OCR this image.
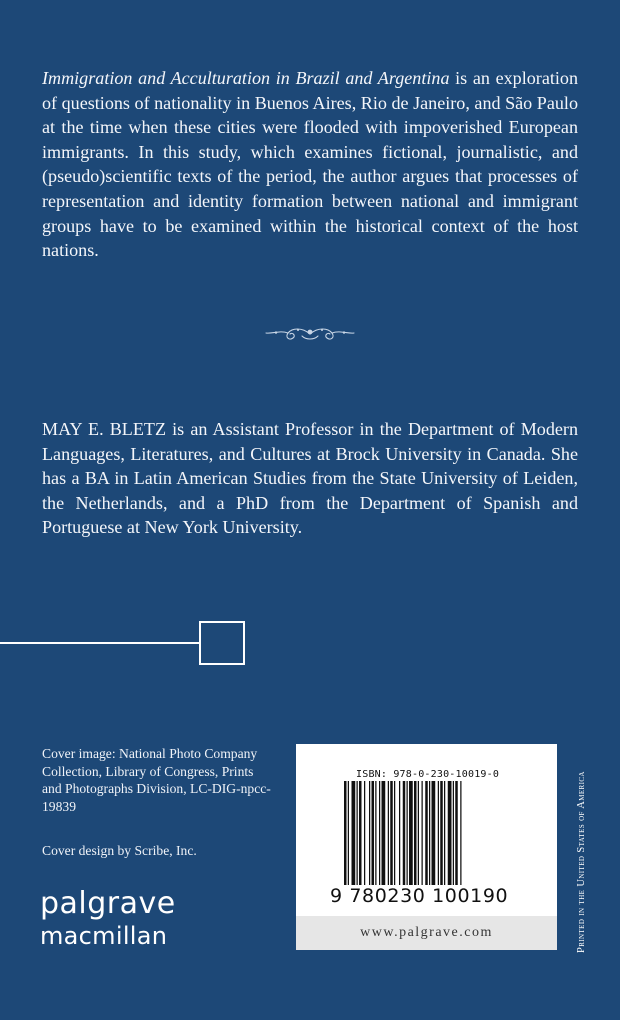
Immigration and Acculturation in Brazil and Argentina is an exploration of questions of nationality in Buenos Aires, Rio de Janeiro, and São Paulo at the time when these cities were flooded with impoverished European immigrants. In this study, which examines fictional, journalistic, and (pseudo)scientific texts of the period, the author argues that processes of representation and identity formation between national and immigrant groups have to be examined within the historical context of the host nations.

MAY E. BLETZ is an Assistant Professor in the Department of Modern Languages, Literatures, and Cultures at Brock University in Canada. She has a BA in Latin American Studies from the State University of Leiden, the Netherlands, and a PhD from the Department of Spanish and Portuguese at New York University.

Cover image: National Photo Company Collection, Library of Congress, Prints and Photographs Division, LC-DIG-npcc-19839

Cover design by Scribe, Inc.

palgrave
macmillan
ISBN: 978-0-230-10019-0
9 780230 100190
www.palgrave.com	Printed in the United States of America
